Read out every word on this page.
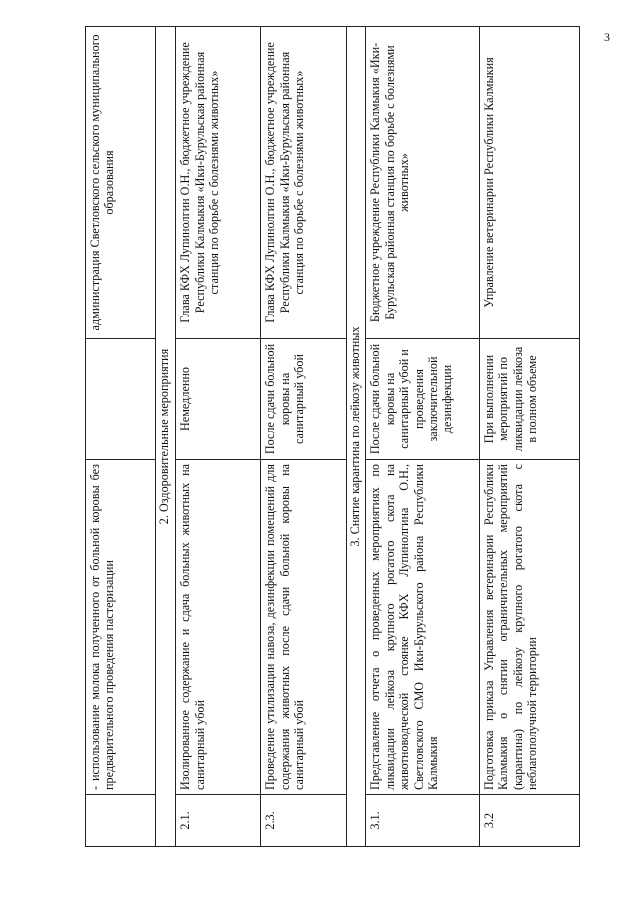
3
	- использование молока полученного от больной коровы без предварительного проведения пастеризации		администрация Светловского сельского муниципального образования
2. Оздоровительные мероприятия			
2.1.	Изолированное содержание и сдача больных животных на санитарный убой	Немедленно	Глава КФХ Лупинолгин О.Н., бюджетное учреждение Республики Калмыкия «Ики-Бурульская районная станция по борьбе с болезнями животных»
2.3.	Проведение утилизации навоза, дезинфекции помещений для содержания животных после сдачи больной коровы на санитарный убой	После сдачи больной коровы на санитарный убой	Глава КФХ Лупинолгин О.Н., бюджетное учреждение Республики Калмыкия «Ики-Бурульская районная станция по борьбе с болезнями животных»
3. Снятие карантина по лейкозу животных			
3.1.	Представление отчета о проведенных мероприятиях по ликвидации лейкоза крупного рогатого скота на животноводческой стоянке КФХ Лупинолгина О.Н., Светловского СМО Ики-Бурульского района Республики Калмыкия	После сдачи больной коровы на санитарный убой и проведения заключительной дезинфекции	Бюджетное учреждение Республики Калмыкия «Ики-Бурульская районная станция по борьбе с болезнями животных»
3.2	Подготовка приказа Управления ветеринарии Республики Калмыкия о снятии ограничительных мероприятий (карантина) по лейкозу крупного рогатого скота с неблагополучной территории	При выполнении мероприятий по ликвидации лейкоза в полном объеме	Управление ветеринарии Республики Калмыкия
